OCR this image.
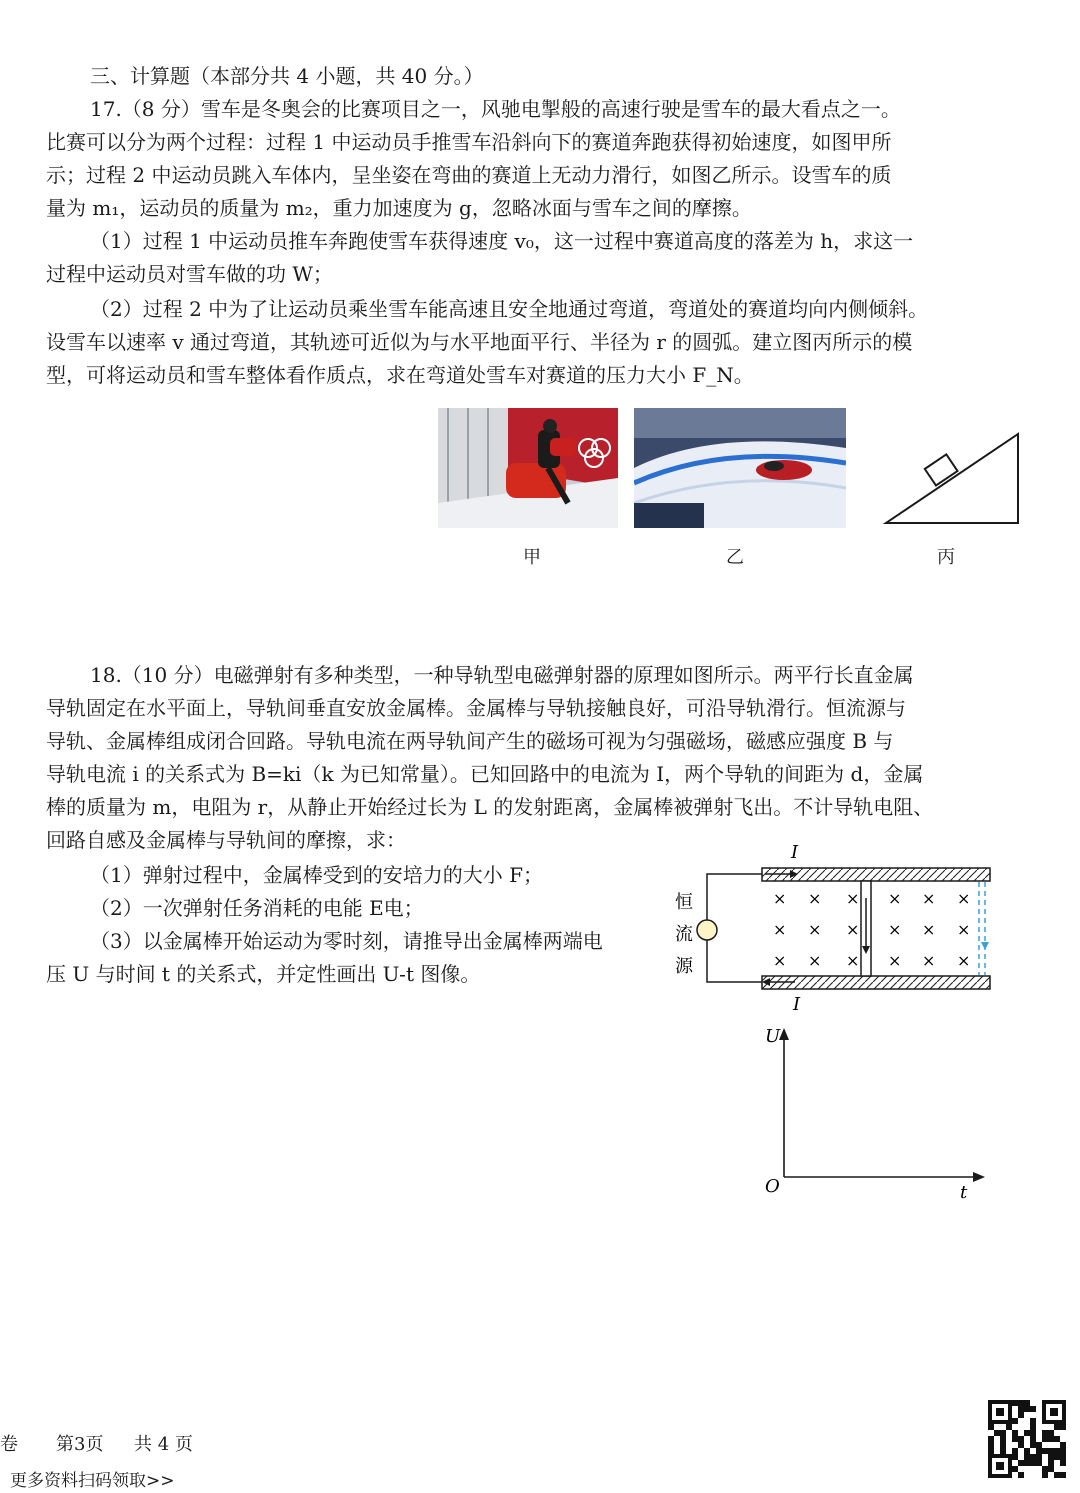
三、计算题（本部分共 4 小题，共 40 分。）
17.（8 分）雪车是冬奥会的比赛项目之一，风驰电掣般的高速行驶是雪车的最大看点之一。
比赛可以分为两个过程：过程 1 中运动员手推雪车沿斜向下的赛道奔跑获得初始速度，如图甲所
示；过程 2 中运动员跳入车体内，呈坐姿在弯曲的赛道上无动力滑行，如图乙所示。设雪车的质
量为 m₁，运动员的质量为 m₂，重力加速度为 g，忽略冰面与雪车之间的摩擦。
（1）过程 1 中运动员推车奔跑使雪车获得速度 v₀，这一过程中赛道高度的落差为 h，求这一
过程中运动员对雪车做的功 W；
（2）过程 2 中为了让运动员乘坐雪车能高速且安全地通过弯道，弯道处的赛道均向内侧倾斜。
设雪车以速率 v 通过弯道，其轨迹可近似为与水平地面平行、半径为 r 的圆弧。建立图丙所示的模
型，可将运动员和雪车整体看作质点，求在弯道处雪车对赛道的压力大小 F_N。
甲	乙	丙
18.（10 分）电磁弹射有多种类型，一种导轨型电磁弹射器的原理如图所示。两平行长直金属
导轨固定在水平面上，导轨间垂直安放金属棒。金属棒与导轨接触良好，可沿导轨滑行。恒流源与
导轨、金属棒组成闭合回路。导轨电流在两导轨间产生的磁场可视为匀强磁场，磁感应强度 B 与
导轨电流 i 的关系式为 B=ki（k 为已知常量）。已知回路中的电流为 I，两个导轨的间距为 d，金属
棒的质量为 m，电阻为 r，从静止开始经过长为 L 的发射距离，金属棒被弹射飞出。不计导轨电阻、
回路自感及金属棒与导轨间的摩擦，求：
（1）弹射过程中，金属棒受到的安培力的大小 F；
（2）一次弹射任务消耗的电能 E电；
（3）以金属棒开始运动为零时刻，请推导出金属棒两端电
压 U 与时间 t 的关系式，并定性画出 U-t 图像。
I
I
恒
流
源
× × × × × ×
× × × × × ×
× × × × × ×
U
t
O
卷 第3页 共 4 页
更多资料扫码领取>>
